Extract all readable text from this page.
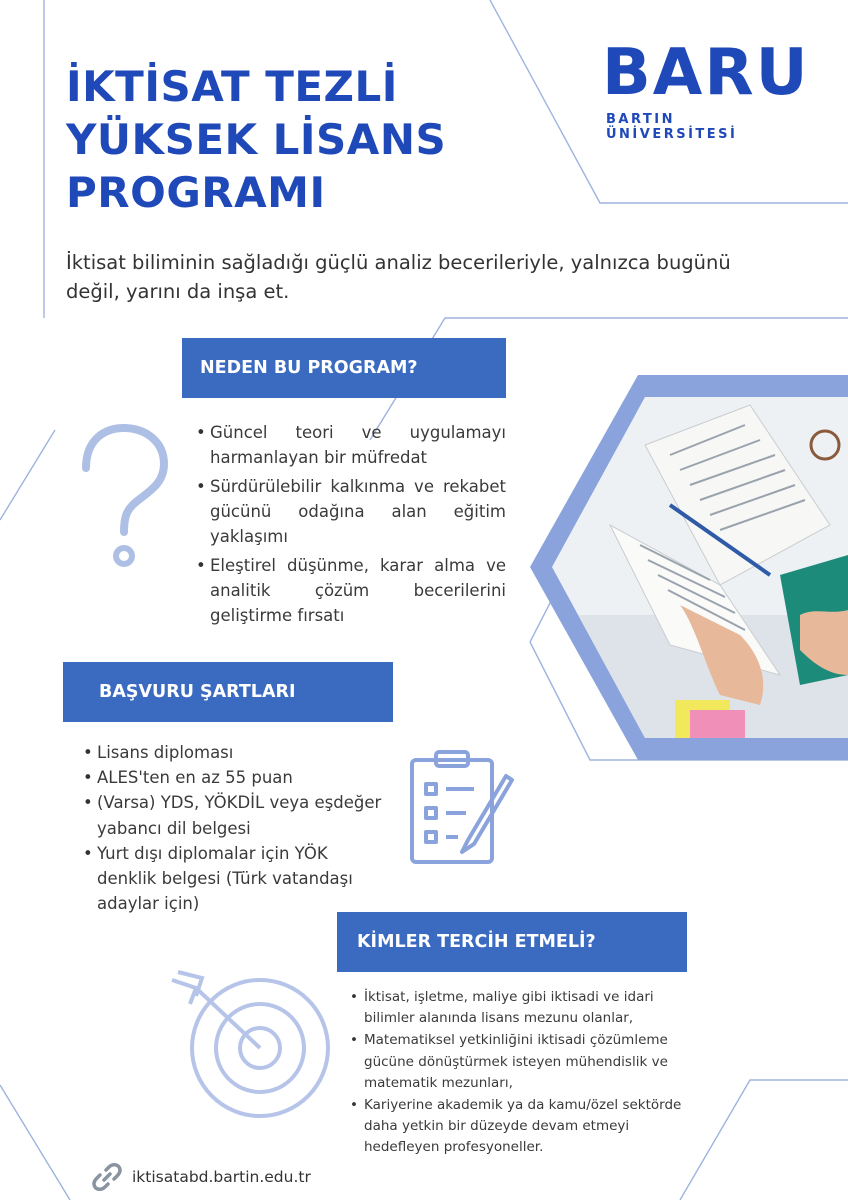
İKTİSAT TEZLİ
YÜKSEK LİSANS
PROGRAMI
BARU
BARTIN ÜNİVERSİTESİ
İktisat biliminin sağladığı güçlü analiz becerileriyle, yalnızca bugünü değil, yarını da inşa et.
NEDEN BU PROGRAM?
• Güncel teori ve uygulamayı harmanlayan bir müfredat
• Sürdürülebilir kalkınma ve rekabet gücünü odağına alan eğitim yaklaşımı
• Eleştirel düşünme, karar alma ve analitik çözüm becerilerini geliştirme fırsatı
BAŞVURU ŞARTLARI
• Lisans diploması
• ALES'ten en az 55 puan
• (Varsa) YDS, YÖKDİL veya eşdeğer yabancı dil belgesi
• Yurt dışı diplomalar için YÖK denklik belgesi (Türk vatandaşı adaylar için)
KİMLER TERCİH ETMELİ?
• İktisat, işletme, maliye gibi iktisadi ve idari bilimler alanında lisans mezunu olanlar,
• Matematiksel yetkinliğini iktisadi çözümleme gücüne dönüştürmek isteyen mühendislik ve matematik mezunları,
• Kariyerine akademik ya da kamu/özel sektörde daha yetkin bir düzeyde devam etmeyi hedefleyen profesyoneller.
iktisatabd.bartin.edu.tr
